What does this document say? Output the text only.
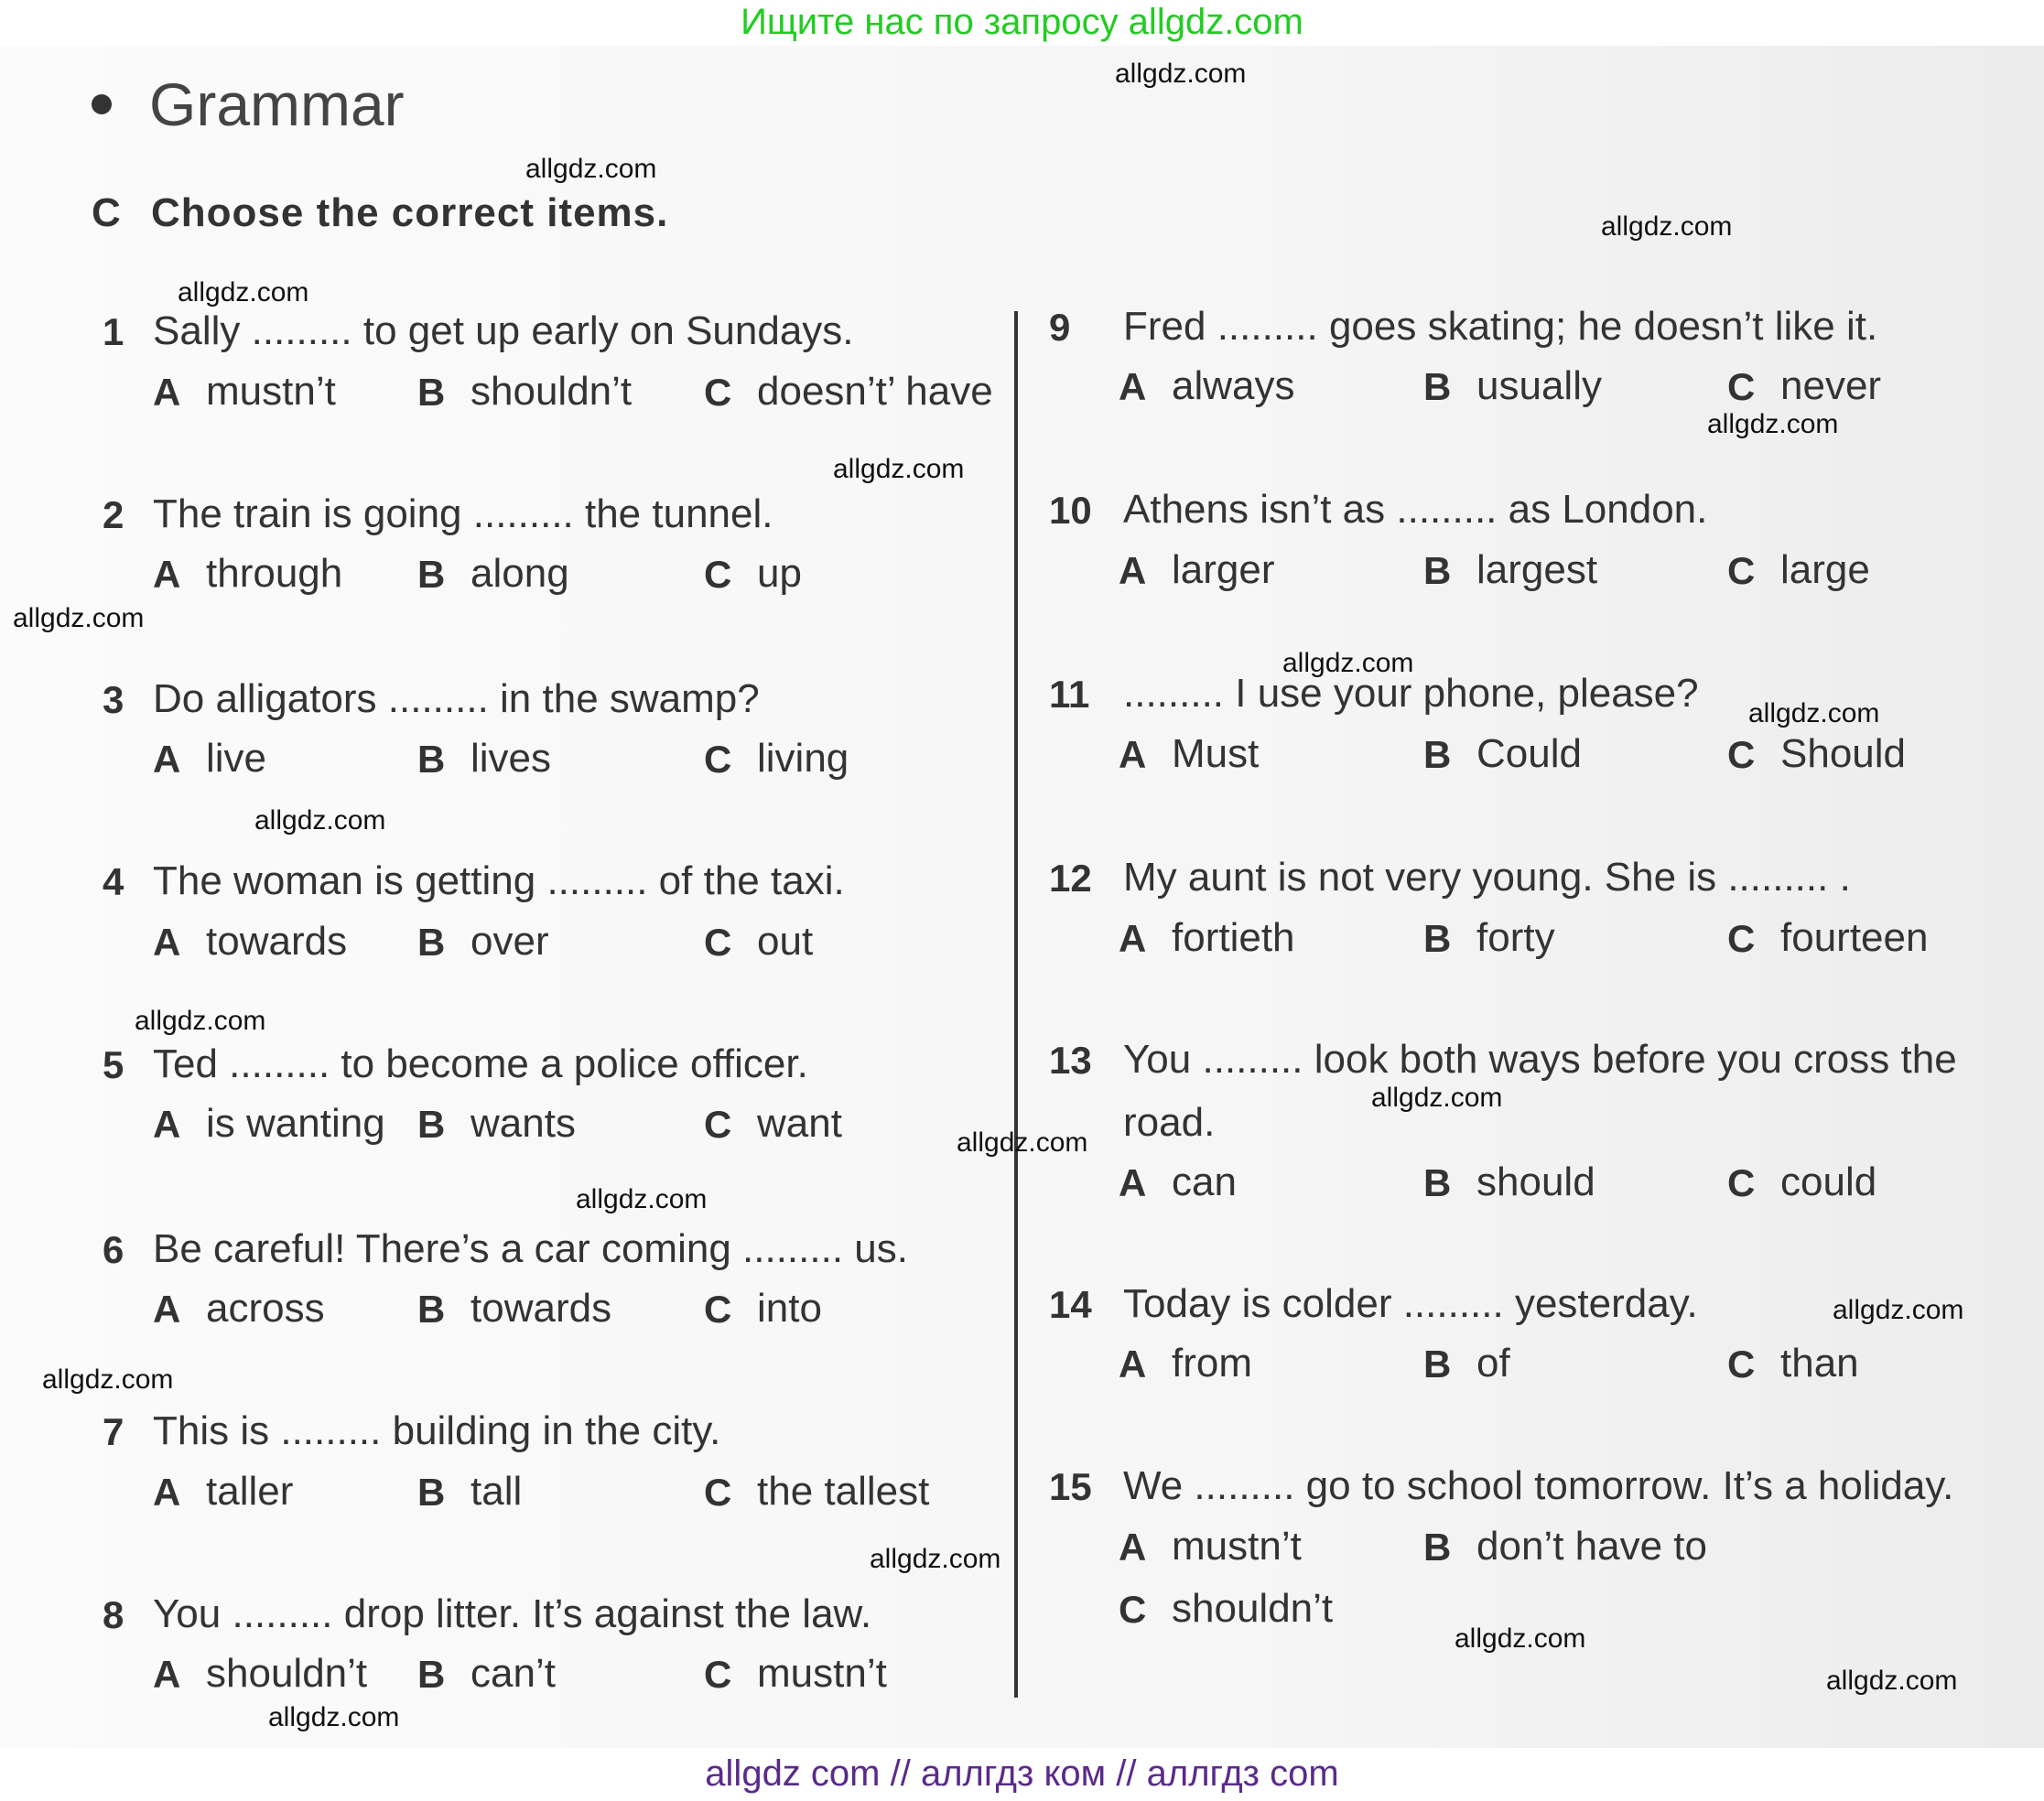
Ищите нас по запросу allgdz.com
Grammar
C Choose the correct items.
1 Sally ......... to get up early on Sundays.
A mustn’t B shouldn’t C doesn’t’ have
2 The train is going ......... the tunnel.
A through B along	C up
3 Do alligators ......... in the swamp?
A live	B lives	C living
4 The woman is getting ......... of the taxi.
A towards B over	C out
5 Ted ......... to become a police officer.
A is wanting B wants	C want
6 Be careful! There’s a car coming ......... us.
A across B towards C into
7 This is ......... building in the city.
A taller	B tall	C the tallest
8 You ......... drop litter. It’s against the law.
A shouldn’t B can’t	C mustn’t
9 Fred ......... goes skating; he doesn’t like it.
A always	B usually	C never
10 Athens isn’t as ......... as London.
A larger	B largest	C large
11 ......... I use your phone, please?
A Must	B Could	C Should
12 My aunt is not very young. She is ......... .
A fortieth	B forty	C fourteen
13 You ......... look both ways before you cross the
road.
A can	B should	C could
14 Today is colder ......... yesterday.
A from	B of	C than
15 We ......... go to school tomorrow. It’s a holiday.
A mustn’t	B don’t have to
C shouldn’t
allgdz.com
allgdz.com
allgdz.com
allgdz.com
allgdz.com
allgdz.com
allgdz.com
allgdz.com
allgdz.com
allgdz.com
allgdz.com
allgdz.com
allgdz.com
allgdz.com
allgdz.com
allgdz.com
allgdz.com
allgdz.com
allgdz.com
allgdz.com
allgdz com // аллгдз ком // аллгдз com
